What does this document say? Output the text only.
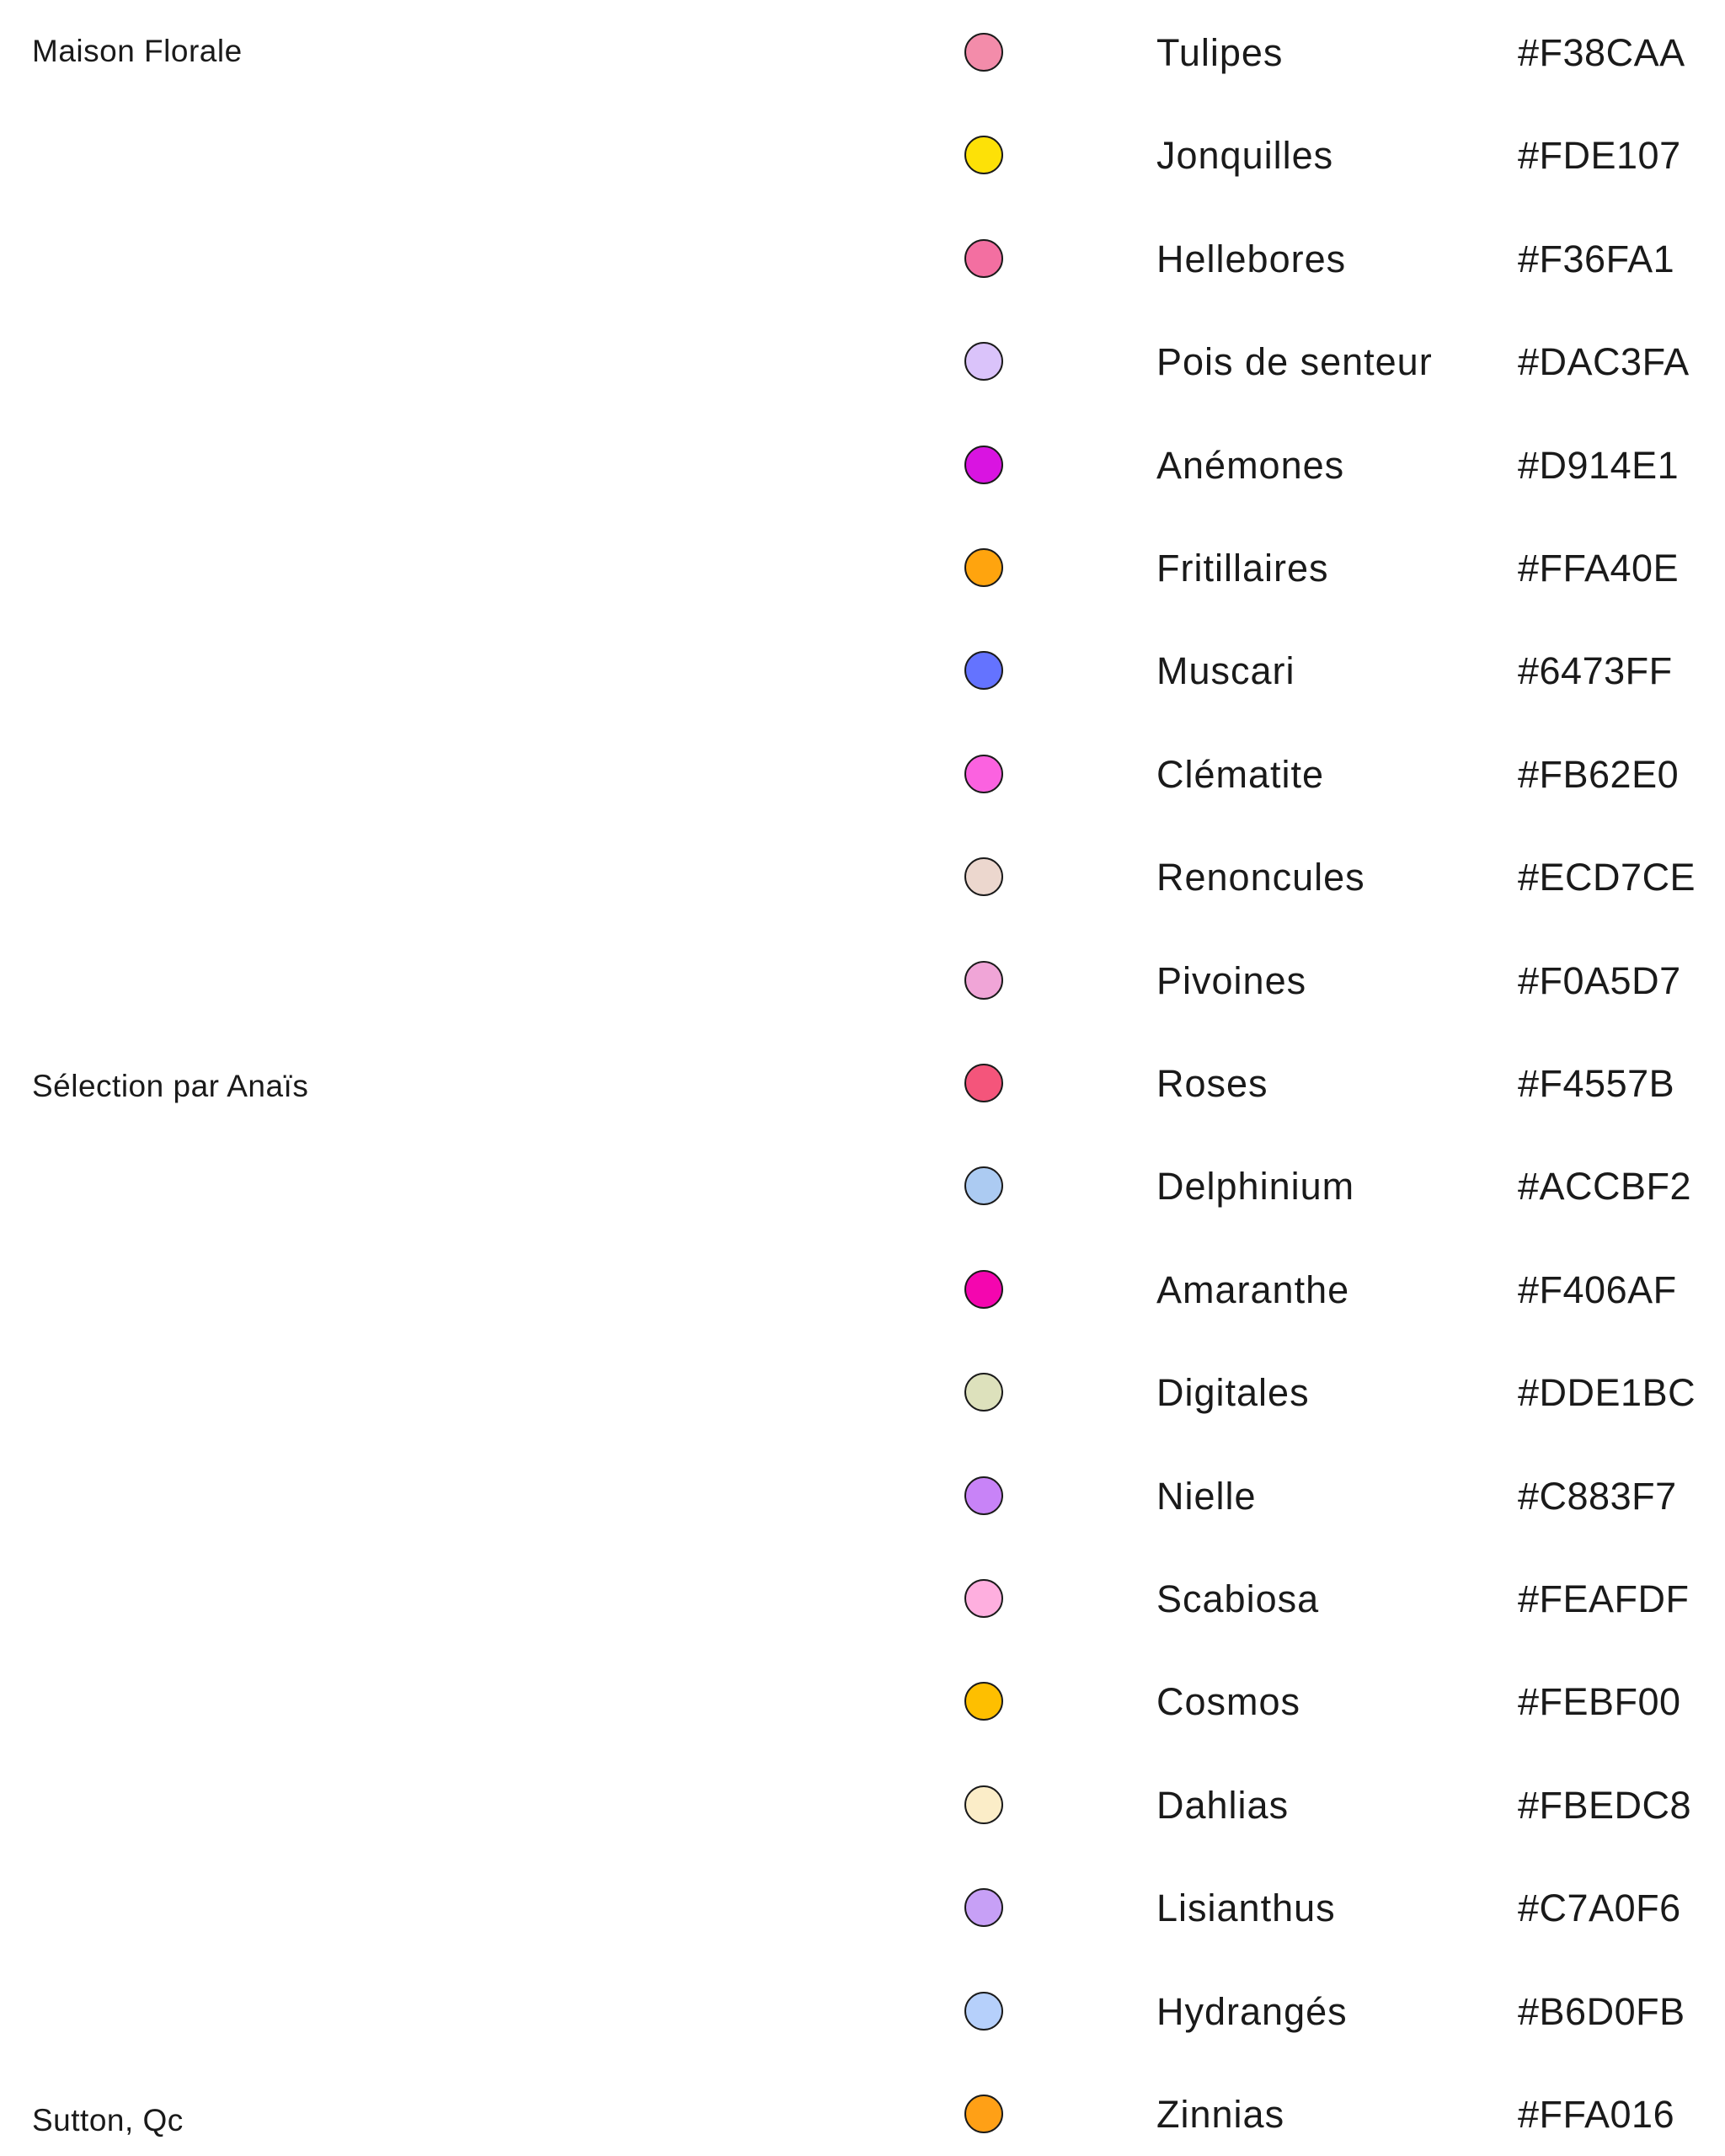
Maison Florale
Sélection par Anaïs
Sutton, Qc
Tulipes	#F38CAA
Jonquilles	#FDE107
Hellebores	#F36FA1
Pois de senteur #DAC3FA
Anémones	#D914E1
Fritillaires	#FFA40E
Muscari	#6473FF
Clématite	#FB62E0
Renoncules	#ECD7CE
Pivoines	#F0A5D7
Roses	#F4557B
Delphinium	#ACCBF2
Amaranthe	#F406AF
Digitales	#DDE1BC
Nielle	#C883F7
Scabiosa	#FEAFDF
Cosmos	#FEBF00
Dahlias	#FBEDC8
Lisianthus	#C7A0F6
Hydrangés	#B6D0FB
Zinnias	#FFA016
